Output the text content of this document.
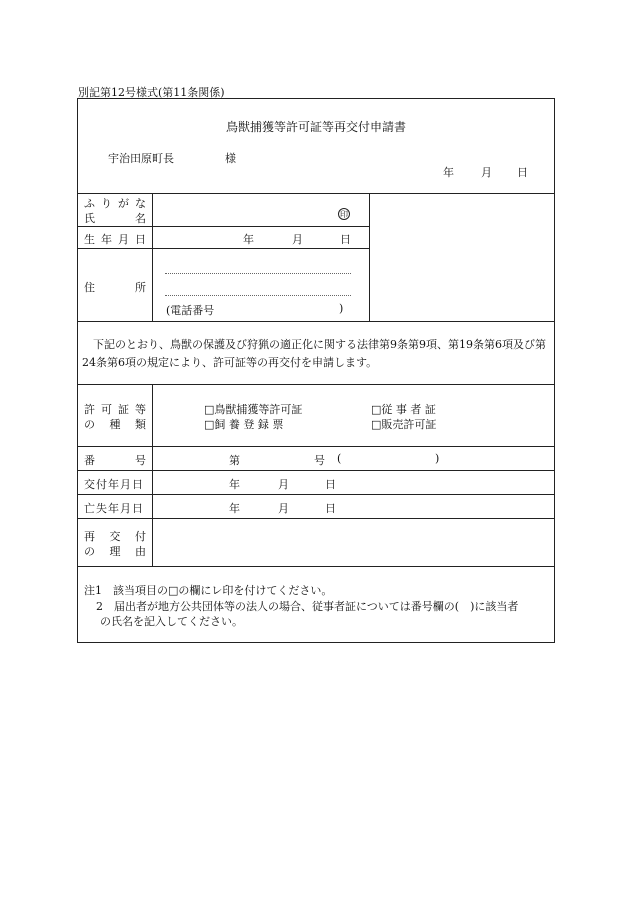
別記第12号様式(第11条関係)
鳥獣捕獲等許可証等再交付申請書
宇治田原町長	様
年 月 日
ふ り が な
氏	名	印
生 年 月 日	年	月	日
住	所
(電話番号	)
下記のとおり、鳥獣の保護及び狩猟の適正化に関する法律第9条第9項、第19条第6項及び第24条第6項の規定により、許可証等の再交付を申請します。
許 可 証 等
の 種 類
□鳥獣捕獲等許可証	□従 事 者 証
□飼 養 登 録 票	□販売許可証
番	号	第	号 (	)
交付年月日	年	月	日
亡失年月日	年	月	日
再 交 付
の 理 由
注1　該当項目の□の欄にレ印を付けてください。
2　届出者が地方公共団体等の法人の場合、従事者証については番号欄の(　)に該当者
の氏名を記入してください。
